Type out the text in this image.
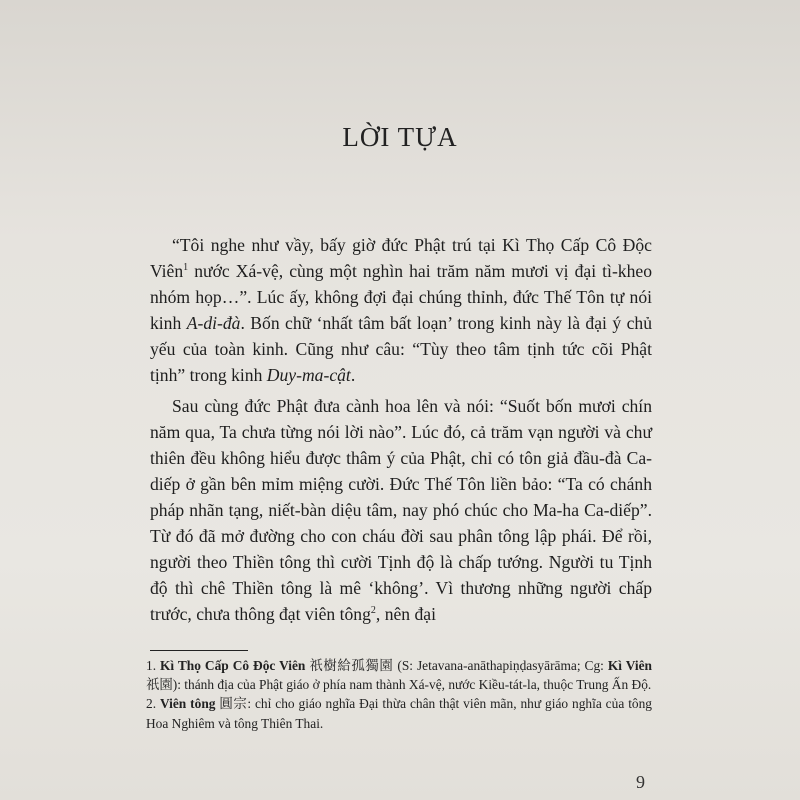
LỜI TỰA

“Tôi nghe như vầy, bấy giờ đức Phật trú tại Kì Thọ Cấp Cô Độc Viên$^1$ nước Xá-vệ, cùng một nghìn hai trăm năm mươi vị đại tì-kheo nhóm họp…”. Lúc ấy, không đợi đại chúng thỉnh, đức Thế Tôn tự nói kinh A-di-đà. Bốn chữ ‘nhất tâm bất loạn’ trong kinh này là đại ý chủ yếu của toàn kinh. Cũng như câu: “Tùy theo tâm tịnh tức cõi Phật tịnh” trong kinh Duy-ma-cật.

Sau cùng đức Phật đưa cành hoa lên và nói: “Suốt bốn mươi chín năm qua, Ta chưa từng nói lời nào”. Lúc đó, cả trăm vạn người và chư thiên đều không hiểu được thâm ý của Phật, chỉ có tôn giả đầu-đà Ca-diếp ở gần bên mỉm miệng cười. Đức Thế Tôn liền bảo: “Ta có chánh pháp nhãn tạng, niết-bàn diệu tâm, nay phó chúc cho Ma-ha Ca-diếp”. Từ đó đã mở đường cho con cháu đời sau phân tông lập phái. Để rồi, người theo Thiền tông thì cười Tịnh độ là chấp tướng. Người tu Tịnh độ thì chê Thiền tông là mê ‘không’. Vì thương những người chấp trước, chưa thông đạt viên tông$^2$, nên đại

1. Kì Thọ Cấp Cô Độc Viên 祇樹給孤獨園 (S: Jetavana-anāthapiṇḍasyārāma; Cg: Kì Viên 祇園): thánh địa của Phật giáo ở phía nam thành Xá-vệ, nước Kiều-tát-la, thuộc Trung Ấn Độ.

2. Viên tông 圓宗: chỉ cho giáo nghĩa Đại thừa chân thật viên mãn, như giáo nghĩa của tông Hoa Nghiêm và tông Thiên Thai.

9
